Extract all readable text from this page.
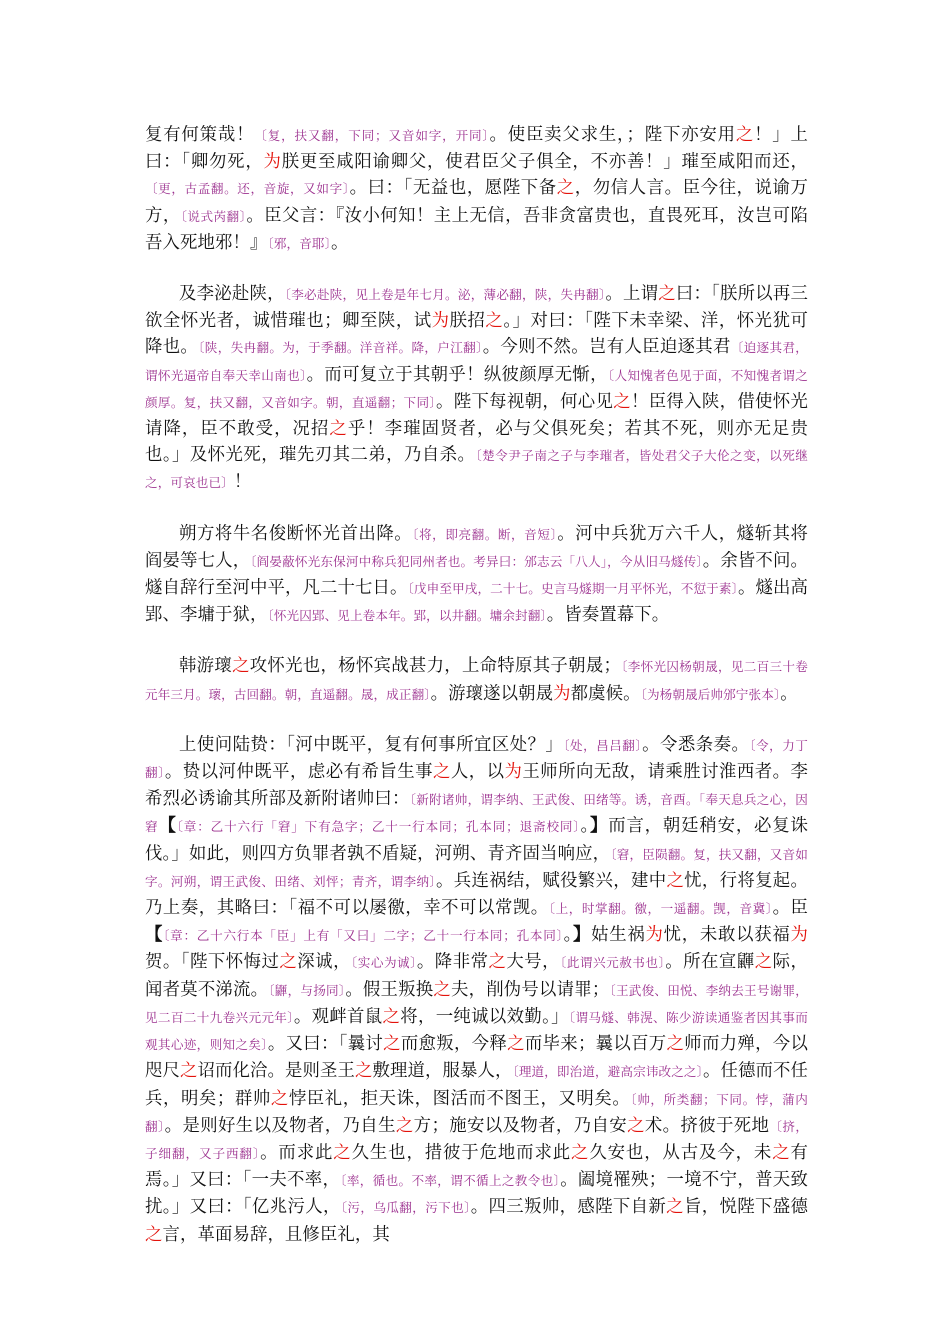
复有何策哉！〔复，扶又翻，下同；又音如字，开同〕。使臣卖父求生，；陛下亦安用之！」上曰：「卿勿死，为朕更至咸阳谕卿父，使君臣父子俱全，不亦善！」璀至咸阳而还，〔更，古孟翻。还，音旋，又如字〕。曰：「无益也，愿陛下备之，勿信人言。臣今往，说谕万方，〔说式芮翻〕。臣父言：『汝小何知！主上无信，吾非贪富贵也，直畏死耳，汝岂可陷吾入死地邪！』〔邪，音耶〕。

及李泌赴陕，〔李必赴陕，见上卷是年七月。泌，薄必翻，陕，失冉翻〕。上谓之曰：「朕所以再三欲全怀光者，诚惜璀也；卿至陕，试为朕招之。」对曰：「陛下未幸梁、洋，怀光犹可降也。〔陕，失冉翻。为，于季翻。洋音祥。降，户江翻〕。今则不然。岂有人臣迫逐其君〔迫逐其君，谓怀光逼帝自奉天幸山南也〕。而可复立于其朝乎！纵彼颜厚无惭，〔人知愧者色见于面，不知愧者谓之颜厚。复，扶又翻，又音如字。朝，直遥翻；下同〕。陛下每视朝，何心见之！臣得入陕，借使怀光请降，臣不敢受，况招之乎！李璀固贤者，必与父俱死矣；若其不死，则亦无足贵也。」及怀光死，璀先刃其二弟，乃自杀。〔楚令尹子南之子与李璀者，皆处君父子大伦之变，以死继之，可哀也已〕！

朔方将牛名俊断怀光首出降。〔将，即亮翻。断，音短〕。河中兵犹万六千人，燧斩其将阎晏等七人，〔阎晏蔽怀光东保河中称兵犯同州者也。考异曰：邠志云「八人」，今从旧马燧传〕。余皆不问。燧自辞行至河中平，凡二十七日。〔戊申至甲戌，二十七。史言马燧期一月平怀光，不愆于素〕。燧出高郢、李墉于狱，〔怀光囚郢、见上卷本年。郢，以井翻。墉余封翻〕。皆奏置幕下。

韩游瓌之攻怀光也，杨怀宾战甚力，上命特原其子朝晟；〔李怀光囚杨朝晟，见二百三十卷元年三月。瓌，古回翻。朝，直遥翻。晟，成正翻〕。游瓌遂以朝晟为都虞候。〔为杨朝晟后帅邠宁张本〕。

上使问陆贽：「河中既平，复有何事所宜区处？」〔处，昌吕翻〕。令悉条奏。〔令，力丁翻〕。贽以河仲既平，虑必有希旨生事之人，以为王师所向无敌，请乘胜讨淮西者。李希烈必诱谕其所部及新附诸帅曰：〔新附诸帅，谓李纳、王武俊、田绪等。诱，音酉。「奉天息兵之心，因窘【〔章：乙十六行「窘」下有急字；乙十一行本同；孔本同；退斋校同〕。】而言，朝廷稍安，必复诛伐。」如此，则四方负罪者孰不盾疑，河朔、青齐固当响应，〔窘，臣陨翻。复，扶又翻，又音如字。河朔，谓王武俊、田绪、刘怦；青齐，谓李纳〕。兵连祸结，赋役繁兴，建中之忧，行将复起。乃上奏，其略曰：「福不可以屡徼，幸不可以常觊。〔上，时掌翻。徼，一遥翻。觊，音冀〕。臣【〔章：乙十六行本「臣」上有「又曰」二字；乙十一行本同；孔本同〕。】姑生祸为忧，未敢以获福为贺。「陛下怀悔过之深诚，〔实心为诚〕。降非常之大号，〔此谓兴元赦书也〕。所在宣鼲之际，闻者莫不涕流。〔鼲，与扬同〕。假王叛换之夫，削伪号以请罪；〔王武俊、田悦、李纳去王号谢罪，见二百二十九卷兴元元年〕。观衅首鼠之将，一纯诚以效勤。」〔谓马燧、韩滉、陈少游读通鉴者因其事而观其心迹，则知之矣〕。又曰：「曩讨之而愈叛，今释之而毕来；曩以百万之师而力殚，今以咫尺之诏而化洽。是则圣王之敷理道，服暴人，〔理道，即治道，避高宗讳改之之〕。任德而不任兵，明矣；群帅之悖臣礼，拒天诛，图活而不图王，又明矣。〔帅，所类翻；下同。悖，蒲内翻〕。是则好生以及物者，乃自生之方；施安以及物者，乃自安之术。挤彼于死地〔挤，子细翻，又子西翻〕。而求此之久生也，措彼于危地而求此之久安也，从古及今，未之有焉。」又曰：「一夫不率，〔率，循也。不率，谓不循上之教令也〕。阖境罹殃；一境不宁，普天致扰。」又曰：「亿兆污人，〔污，乌瓜翻，污下也〕。四三叛帅，感陛下自新之旨，悦陛下盛德之言，革面易辞，且修臣礼，其
